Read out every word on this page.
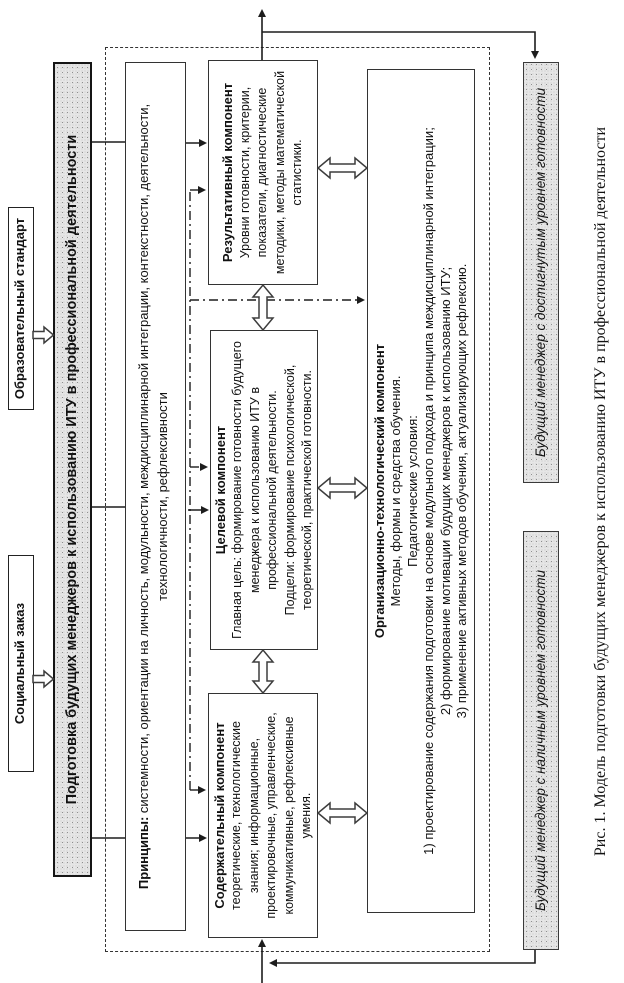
Социальный заказ
Образовательный стандарт	Подготовка будущих менеджеров к использованию ИТУ в профессиональной деятельности
Принципы: системности, ориентации на личность, модульности, междисциплинарной интеграции, контекстности, деятельности, технологичности, рефлексивности
Содержательный компонент теоретические, технологические знания; информационные, проектировочные, управленческие, коммуникативные, рефлексивные умения.
Целевой компонент Главная цель: формирование готовности будущего менеджера к использованию ИТУ в профессиональной деятельности. Подцели: формирование психологической, теоретической, практической готовности.
Результативный компонент Уровни готовности, критерии, показатели, диагностические методики, методы математической статистики.
Организационно-технологический компонент Методы, формы и средства обучения. Педагогические условия: 1) проектирование содержания подготовки на основе модульного подхода и принципа междисциплинарной интеграции; 2) формирование мотивации будущих менеджеров к использованию ИТУ; 3) применение активных методов обучения, актуализирующих рефлексию.
Будущий менеджер с наличным уровнем готовности
Будущий менеджер с достигнутым уровнем готовности	Рис. 1. Модель подготовки будущих менеджеров к использованию ИТУ в профессиональной деятельности
